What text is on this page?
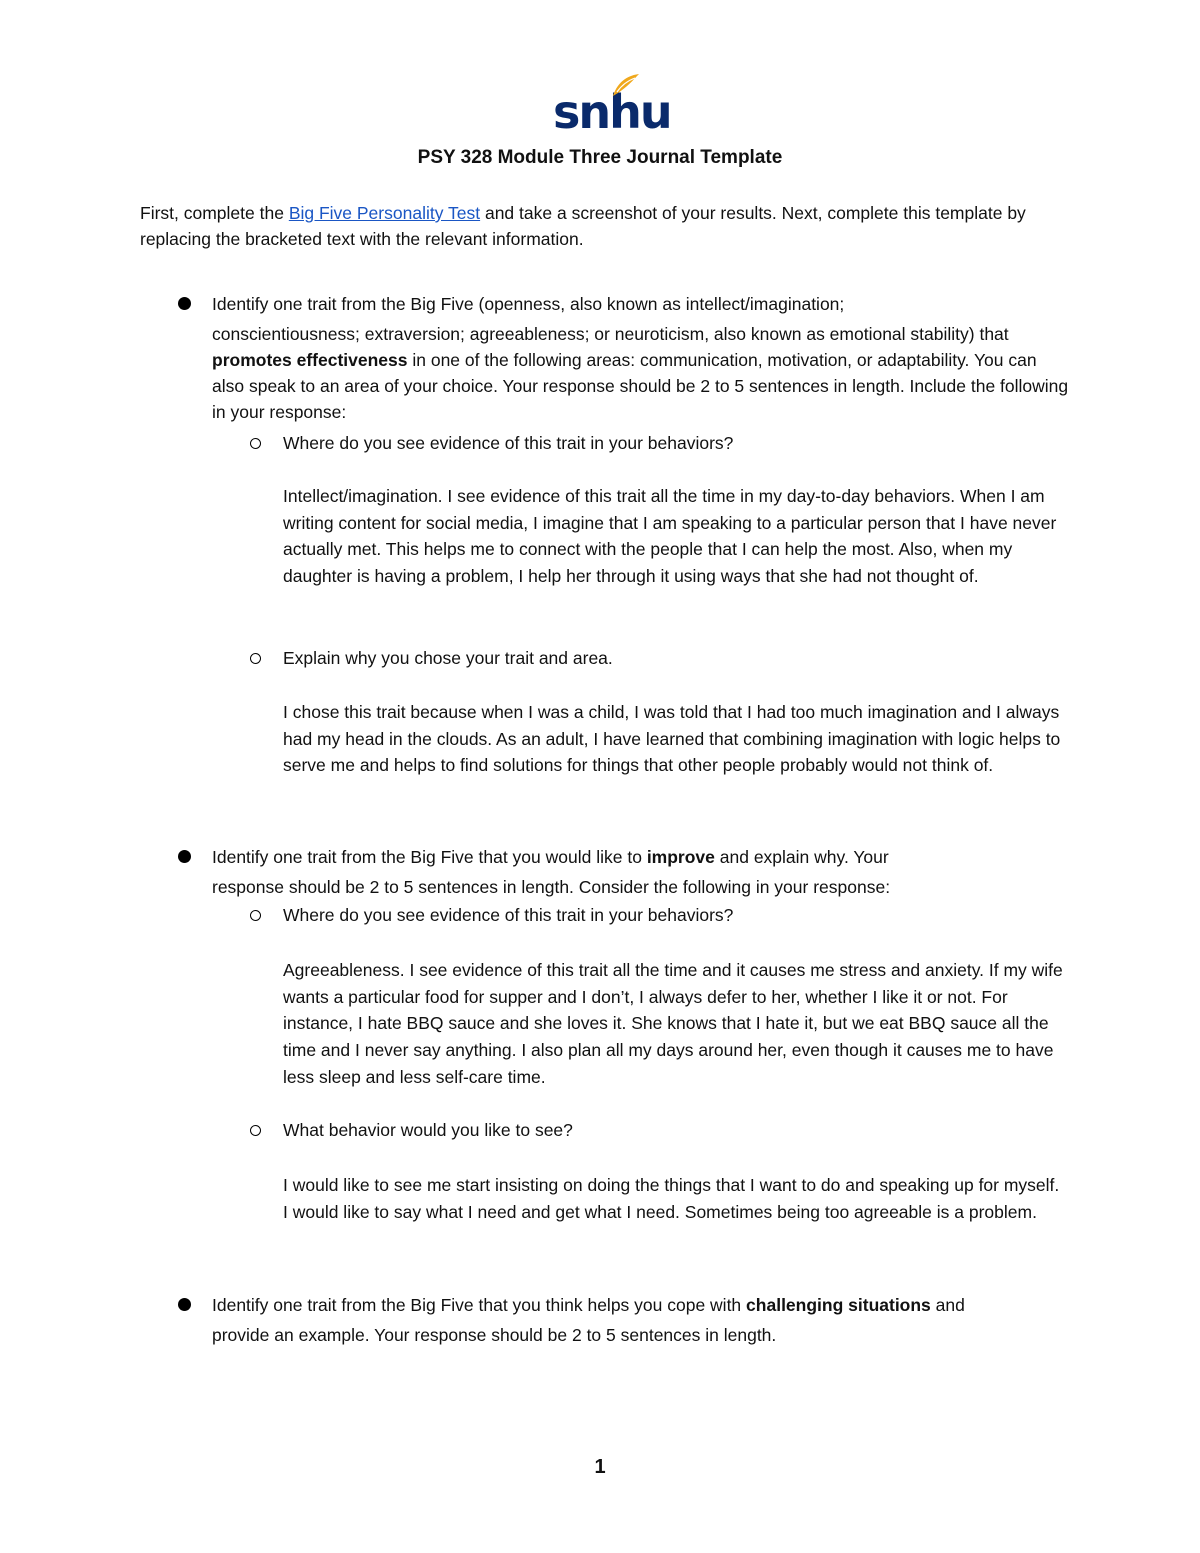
snhu
PSY 328 Module Three Journal Template
First, complete the Big Five Personality Test and take a screenshot of your results. Next, complete this template by replacing the bracketed text with the relevant information.
Identify one trait from the Big Five (openness, also known as intellect/imagination;
conscientiousness; extraversion; agreeableness; or neuroticism, also known as emotional stability) that promotes effectiveness in one of the following areas: communication, motivation, or adaptability. You can also speak to an area of your choice. Your response should be 2 to 5 sentences in length. Include the following in your response:
Where do you see evidence of this trait in your behaviors?
Intellect/imagination. I see evidence of this trait all the time in my day-to-day behaviors. When I am writing content for social media, I imagine that I am speaking to a particular person that I have never actually met. This helps me to connect with the people that I can help the most. Also, when my daughter is having a problem, I help her through it using ways that she had not thought of.
Explain why you chose your trait and area.
I chose this trait because when I was a child, I was told that I had too much imagination and I always had my head in the clouds. As an adult, I have learned that combining imagination with logic helps to serve me and helps to find solutions for things that other people probably would not think of.
Identify one trait from the Big Five that you would like to improve and explain why. Your
response should be 2 to 5 sentences in length. Consider the following in your response:
Where do you see evidence of this trait in your behaviors?
Agreeableness. I see evidence of this trait all the time and it causes me stress and anxiety. If my wife wants a particular food for supper and I don’t, I always defer to her, whether I like it or not. For instance, I hate BBQ sauce and she loves it. She knows that I hate it, but we eat BBQ sauce all the time and I never say anything. I also plan all my days around her, even though it causes me to have less sleep and less self-care time.
What behavior would you like to see?
I would like to see me start insisting on doing the things that I want to do and speaking up for myself. I would like to say what I need and get what I need. Sometimes being too agreeable is a problem.
Identify one trait from the Big Five that you think helps you cope with challenging situations and
provide an example. Your response should be 2 to 5 sentences in length.
1
